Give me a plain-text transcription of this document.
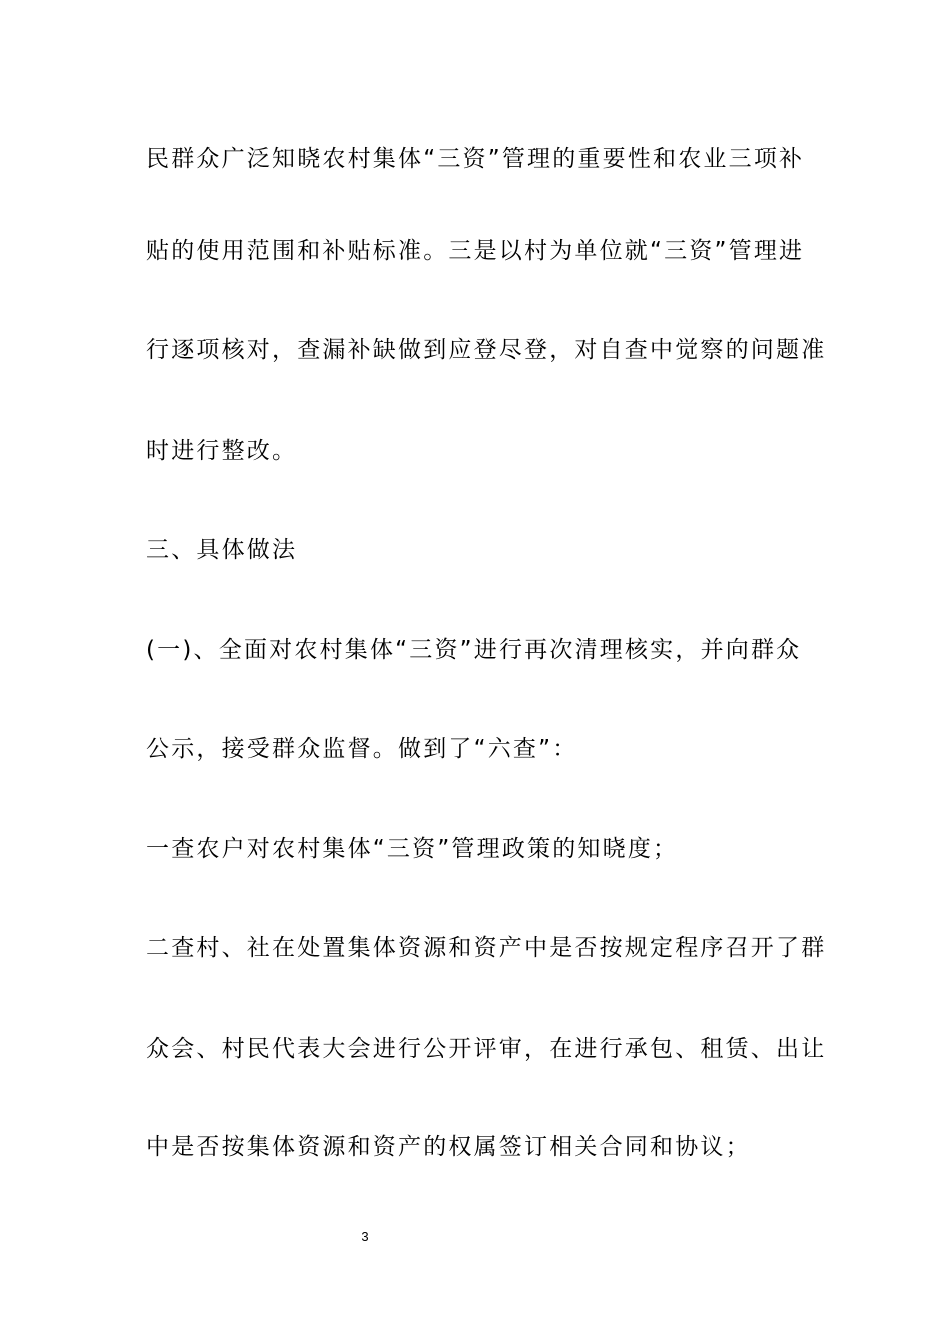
民群众广泛知晓农村集体“三资”管理的重要性和农业三项补
贴的使用范围和补贴标准。三是以村为单位就“三资”管理进
行逐项核对，查漏补缺做到应登尽登，对自查中觉察的问题准
时进行整改。
三、具体做法
(一)、全面对农村集体“三资”进行再次清理核实，并向群众
公示，接受群众监督。做到了“六查”：
一查农户对农村集体“三资”管理政策的知晓度；
二查村、社在处置集体资源和资产中是否按规定程序召开了群
众会、村民代表大会进行公开评审，在进行承包、租赁、出让
中是否按集体资源和资产的权属签订相关合同和协议；
3
